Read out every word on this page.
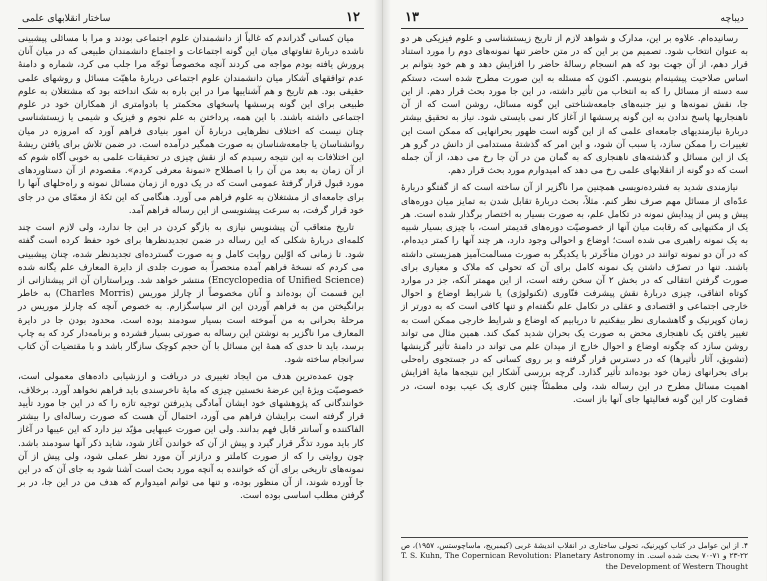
۱۲
ساختار انقلابهای علمی

میان کسانی گذراندم که غالباً از دانشمندان علوم اجتماعی بودند و مرا با مسائلی پیشبینی ناشده دربارهٔ تفاوتهای میان این گونه اجتماعات و اجتماع دانشمندان طبیعی که در میان آنان پرورش یافته بودم مواجه می کردند آنچه مخصوصاً توجّه مرا جلب می کرد، شماره و دامنهٔ عدم توافقهای آشکار میان دانشمندان علوم اجتماعی دربارهٔ ماهیّت مسائل و روشهای علمی حقیقی بود. هم تاریخ و هم آشناییها مرا در این باره به شک انداخته بود که مشتغلان به علوم طبیعی برای این گونه پرسشها پاسخهای محکمتر یا بادوامتری از همکاران خود در علوم اجتماعی داشته باشند. با این همه، پرداختن به علم نجوم و فیزیک و شیمی یا زیستشناسی چنان نیست که اختلاف نظرهایی دربارهٔ آن امور بنیادی فراهم آورد که امروزه در میان روانشناسان یا جامعه‌شناسان به صورت همگیر درآمده است. در ضمن تلاش برای یافتن ریشهٔ این اختلافات به این نتیجه رسیدم که از نقش چیزی در تحقیقات علمی به خوبی آگاه شوم که از آن زمان به بعد من آن را با اصطلاح «نمونهٔ معرفی کردم». مقصودم از آن دستاوردهای مورد قبول قرار گرفتهٔ عمومی است که در یک دوره از زمان مسائل نمونه و راه‌حلهای آنها را برای جامعه‌ای از مشتغلان به علوم فراهم می آورد. هنگامی که این تکهٔ از معمّای من در جای خود قرار گرفت، به سرعت پیشنویسی از این رساله فراهم آمد.

تاریخ متعاقب آن پیشنویس نیازی به بازگو کردن در این جا ندارد، ولی لازم است چند کلمه‌ای دربارهٔ شکلی که این رساله در ضمن تجدیدنظرها برای خود حفظ کرده است گفته شود. تا زمانی که اوّلین روایت کامل و به صورت گسترده‌ای تجدیدنظر شده، چنان پیشبینی می کردم که نسخهٔ فراهم آمده منحصراً به صورت جلدی از دایرة المعارف علم یگانه شده (Encyclopedia of Unified Science) منتشر خواهد شد. ویراستاران آن اثر پیشتازانی از این قسمت آن بوده‌اند و آنان مخصوصاً از چارلز موریس (Charles Morris) به خاطر برانگیختن من به فراهم آوردن این اثر سپاسگزارم. به خصوص آنچه که چارلز موریس در مرحلهٔ بحرانی به من آموخته است بسیار سودمند بوده است. محدود بودن جا در دایرة المعارف مرا ناگزیر به نوشتن این رساله به صورتی بسیار فشرده و برنامه‌دار کرد که به چاپ برسد، باید تا حدی که همهٔ این مسائل با آن حجم کوچک سازگار باشد و با مقتضیات آن کتاب سرانجام ساخته شود.

چون عمده‌ترین هدف من ایجاد تغییری در دریافت و ارزشیابی داده‌های معمولی است، خصوصیّت ویژهٔ این عرضهٔ نخستین چیزی که مایهٔ ناخرسندی باید فراهم نخواهد آورد. برخلاف، خوانندگانی که پژوهشهای خود ایشان آمادگی پذیرفتن توجیه تازه را که در این جا مورد تأیید قرار گرفته است برایشان فراهم می آورد، احتمال آن هست که صورت رساله‌ای را بیشتر الفاکننده و آسانتر قابل فهم بدانند. ولی این صورت عیبهایی مؤیّد نیز دارد که این عیبها در آغاز کار باید مورد تذکّر قرار گیرد و پیش از آن که خواندن آغاز شود، شاید ذکر آنها سودمند باشد. چون روایتی را که از صورت کاملتر و درازتر آن مورد نظر عملی شود، ولی پیش از آن نمونه‌های تاریخی برای آن که خواننده به آنچه مورد بحث است آشنا شود به جای آن که در این جا آورده شوند، از آن منظور بوده، و تنها می توانم امیدوارم که هدف من در این جا، در بر گرفتن مطلب اساسی بوده است.

دیباچه
۱۳

رسانیده‌ام. علاوه بر این، مدارک و شواهد لازم از تاریخ زیستشناسی و علوم فیزیکی هر دو به عنوان انتخاب شود. تصمیم من بر این که در متن حاضر تنها نمونه‌های دوم را مورد استناد قرار دهم، از آن جهت بود که هم انسجام رسالهٔ حاضر را افزایش دهد و هم خود بتوانم بر اساس صلاحیت پیشینه‌ام بنویسم. اکنون که مسئله به این صورت مطرح شده است، دستکم سه دسته از مسائل را که به انتخاب من تأثیر داشته، در این جا مورد بحث قرار دهم. از این جا، نقش نمونه‌ها و نیز جنبه‌های جامعه‌شناختی این گونه مسائل، روشن است که از آن ناهنجاریها پاسخ ندادن به این گونه پرسشها از آغاز کار نمی بایستی شود. نیاز به تحقیق بیشتر دربارهٔ نیازمندیهای جامعه‌ای علمی که از این گونه است ظهور بحرانهایی که ممکن است این تغییرات را ممکن سازد، یا سبب آن شود، و این امر که گذشتهٔ مستدامی از دانش در گرو هر یک از این مسائل و گذشته‌های ناهنجاری که به گمان من در آن جا رخ می دهد، از آن جمله است که دو گونه از انقلابهای علمی رخ می دهد که امیدوارم مورد بحث قرار دهم.

نیازمندی شدید به فشرده‌نویسی همچنین مرا ناگزیر از آن ساخته است که از گفتگو دربارهٔ عدّه‌ای از مسائل مهم صرف نظر کنم. مثلاً، بحث دربارهٔ تقابل شدن به تمایز میان دوره‌های پیش و پس از پیدایش نمونه در تکامل علم، به صورت بسیار به اختصار برگذار شده است. هر یک از مکتبهایی که رقابت میان آنها از خصوصیّت دوره‌های قدیمتر است، با چیزی بسیار شبیه به یک نمونه راهبری می شده است؛ اوضاع و احوالی وجود دارد، هر چند آنها را کمتر دیده‌ام، که در آن دو نمونه توانند در دوران متأخّرتر با یکدیگر به صورت مسالمت‌آمیز همزیستی داشته باشند. تنها در تصرّف داشتن یک نمونه کامل برای آن که تحولی که ملاک و معیاری برای صورت گرفتن انتقالی که در بخش ۲ آن سخن رفته است، از این مهمتر آنکه، جز در موارد کوتاه اتفاقی، چیزی دربارهٔ نقش پیشرفت فنّاوری (تکنولوژی) یا شرایط اوضاع و احوال خارجی اجتماعی و اقتصادی و عقلی در تکامل علم نگفته‌ام و تنها کافی است که به دورتر از زمان کوپرنیک و گاهشماری نظر بیفکنیم تا دریابیم که اوضاع و شرایط خارجی ممکن است به تغییر یافتن یک ناهنجاری محض به صورت یک بحران شدید کمک کند. همین مثال می تواند روشن سازد که چگونه اوضاع و احوال خارج از میدان علم می تواند در دامنهٔ تأثیر گزینشها (تشویق، آثار تأثیرها) که در دسترس قرار گرفته و بر روی کسانی که در جستجوی راه‌حلی برای بحرانهای زمان خود بوده‌اند تأثیر گذارد. گرچه بررسی آشکار این نتیجه‌ها مایهٔ افزایش اهمیت مسائل مطرح در این رساله شد، ولی مطمئنّاً چنین کاری یک عیب بوده است، در قضاوت کار این گونه فعالیتها جای آنها باز است.

۴. از این عوامل در کتاب کوپرنیک، تحولی ساختاری در انقلاب اندیشهٔ غربی (کیمبریج، ماساچوستس، ۱۹۵۷)، ص ۲۲-۲۳ و ۷۱-۷۰ بحث شده است. T. S. Kuhn, The Copernican Revolution: Planetary Astronomy in the Development of Western Thought
